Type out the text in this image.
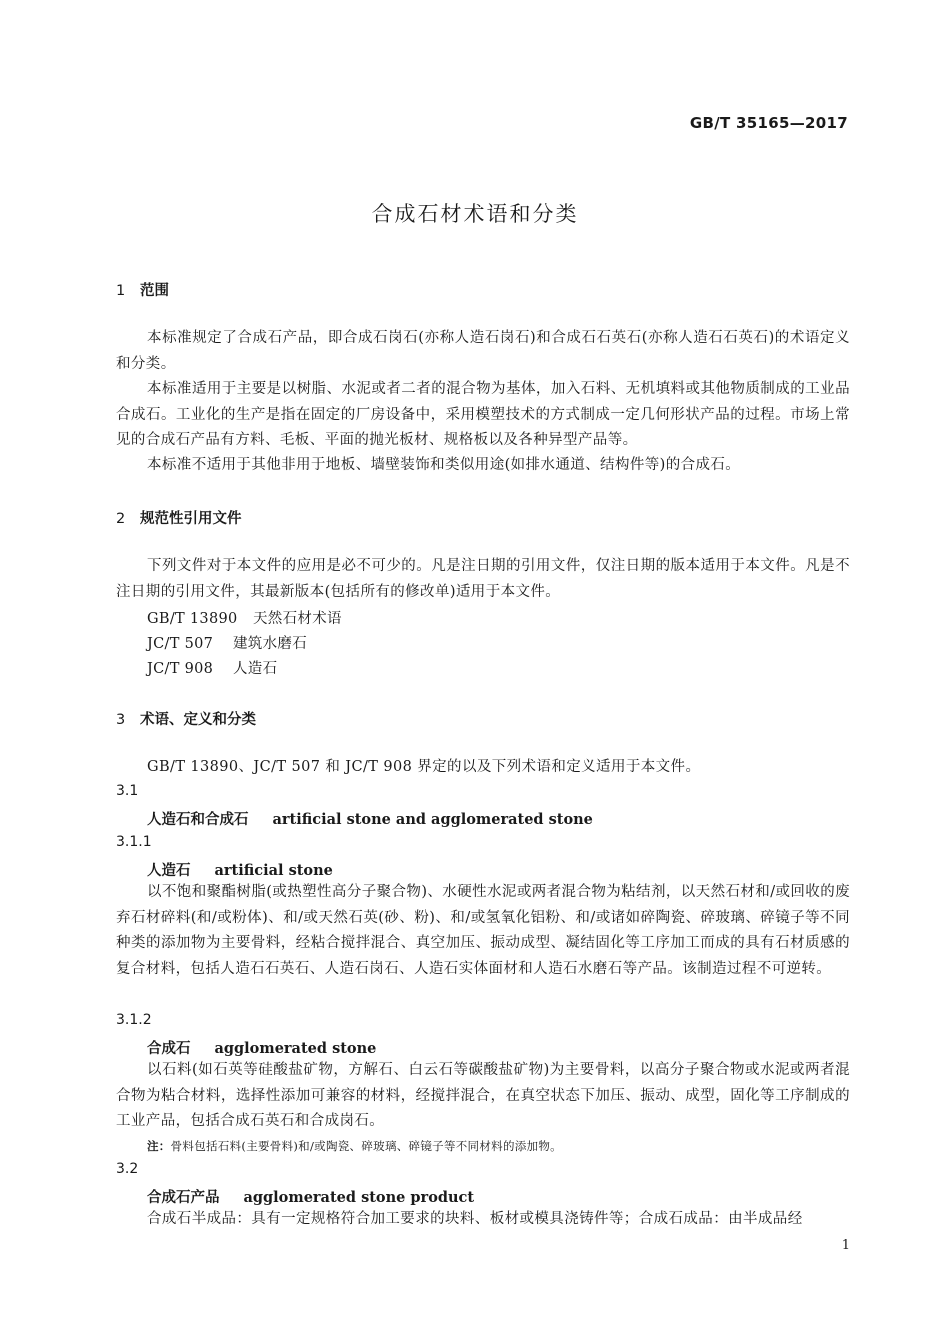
GB/T 35165—2017
合成石材术语和分类
1 范围
本标准规定了合成石产品，即合成石岗石(亦称人造石岗石)和合成石石英石(亦称人造石石英石)的术语定义和分类。
本标准适用于主要是以树脂、水泥或者二者的混合物为基体，加入石料、无机填料或其他物质制成的工业品合成石。工业化的生产是指在固定的厂房设备中，采用模塑技术的方式制成一定几何形状产品的过程。市场上常见的合成石产品有方料、毛板、平面的抛光板材、规格板以及各种异型产品等。
本标准不适用于其他非用于地板、墙壁装饰和类似用途(如排水通道、结构件等)的合成石。
2 规范性引用文件
下列文件对于本文件的应用是必不可少的。凡是注日期的引用文件，仅注日期的版本适用于本文件。凡是不注日期的引用文件，其最新版本(包括所有的修改单)适用于本文件。
GB/T 13890 天然石材术语
JC/T 507 建筑水磨石
JC/T 908 人造石
3 术语、定义和分类
GB/T 13890、JC/T 507 和 JC/T 908 界定的以及下列术语和定义适用于本文件。
3.1
人造石和合成石 artificial stone and agglomerated stone
3.1.1
人造石 artificial stone
以不饱和聚酯树脂(或热塑性高分子聚合物)、水硬性水泥或两者混合物为粘结剂，以天然石材和/或回收的废弃石材碎料(和/或粉体)、和/或天然石英(砂、粉)、和/或氢氧化铝粉、和/或诸如碎陶瓷、碎玻璃、碎镜子等不同种类的添加物为主要骨料，经粘合搅拌混合、真空加压、振动成型、凝结固化等工序加工而成的具有石材质感的复合材料，包括人造石石英石、人造石岗石、人造石实体面材和人造石水磨石等产品。该制造过程不可逆转。
3.1.2
合成石 agglomerated stone
以石料(如石英等硅酸盐矿物，方解石、白云石等碳酸盐矿物)为主要骨料，以高分子聚合物或水泥或两者混合物为粘合材料，选择性添加可兼容的材料，经搅拌混合，在真空状态下加压、振动、成型，固化等工序制成的工业产品，包括合成石英石和合成岗石。
注：骨料包括石料(主要骨料)和/或陶瓷、碎玻璃、碎镜子等不同材料的添加物。
3.2
合成石产品 agglomerated stone product
合成石半成品：具有一定规格符合加工要求的块料、板材或模具浇铸件等；合成石成品：由半成品经
1
